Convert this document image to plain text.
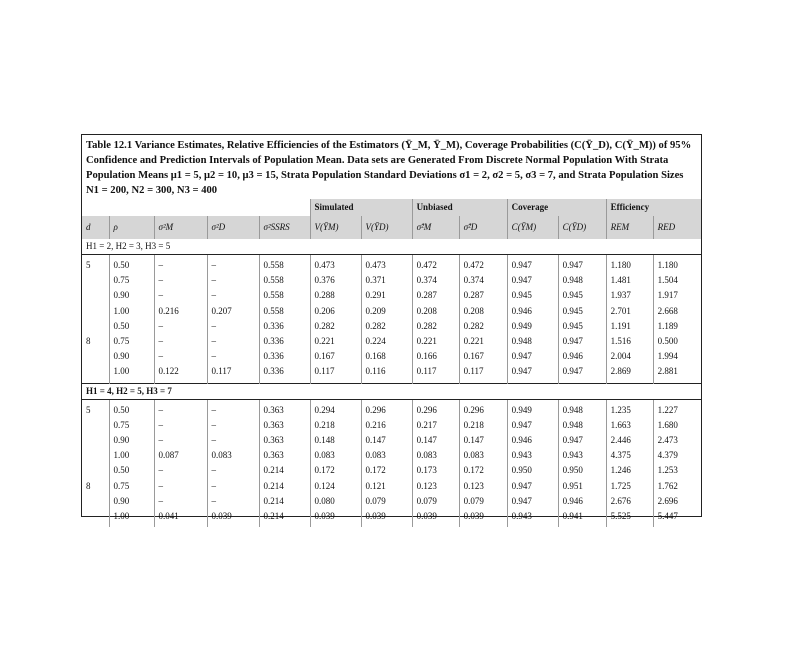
Table 12.1 Variance Estimates, Relative Efficiencies of the Estimators (Ȳ_M, Ȳ_M), Coverage Probabilities (C(Ȳ_D), C(Ȳ_M)) of 95% Confidence and Prediction Intervals of Population Mean. Data sets are Generated From Discrete Normal Population With Strata Population Means μ1 = 5, μ2 = 10, μ3 = 15, Strata Population Standard Deviations σ1 = 2, σ2 = 5, σ3 = 7, and Strata Population Sizes N1 = 200, N2 = 300, N3 = 400
					Simulated		Unbiased		Coverage		Efficiency	
d	ρ	σ²M	σ²D	σ²SSRS	V(ȲM)	V(ȲD)	σ̂²M	σ̂²D	C(ȲM)	C(ȲD)	REM	RED
H1 = 2, H2 = 3, H3 = 5												
5	0.50	–	–	0.558	0.473	0.473	0.472	0.472	0.947	0.947	1.180	1.180
	0.75	–	–	0.558	0.376	0.371	0.374	0.374	0.947	0.948	1.481	1.504
	0.90	–	–	0.558	0.288	0.291	0.287	0.287	0.945	0.945	1.937	1.917
	1.00	0.216	0.207	0.558	0.206	0.209	0.208	0.208	0.946	0.945	2.701	2.668
	0.50	–	–	0.336	0.282	0.282	0.282	0.282	0.949	0.945	1.191	1.189
8	0.75	–	–	0.336	0.221	0.224	0.221	0.221	0.948	0.947	1.516	0.500
	0.90	–	–	0.336	0.167	0.168	0.166	0.167	0.947	0.946	2.004	1.994
	1.00	0.122	0.117	0.336	0.117	0.116	0.117	0.117	0.947	0.947	2.869	2.881
H1 = 4, H2 = 5, H3 = 7												
5	0.50	–	–	0.363	0.294	0.296	0.296	0.296	0.949	0.948	1.235	1.227
	0.75	–	–	0.363	0.218	0.216	0.217	0.218	0.947	0.948	1.663	1.680
	0.90	–	–	0.363	0.148	0.147	0.147	0.147	0.946	0.947	2.446	2.473
	1.00	0.087	0.083	0.363	0.083	0.083	0.083	0.083	0.943	0.943	4.375	4.379
	0.50	–	–	0.214	0.172	0.172	0.173	0.172	0.950	0.950	1.246	1.253
8	0.75	–	–	0.214	0.124	0.121	0.123	0.123	0.947	0.951	1.725	1.762
	0.90	–	–	0.214	0.080	0.079	0.079	0.079	0.947	0.946	2.676	2.696
	1.00	0.041	0.039	0.214	0.039	0.039	0.039	0.039	0.943	0.941	5.525	5.447
